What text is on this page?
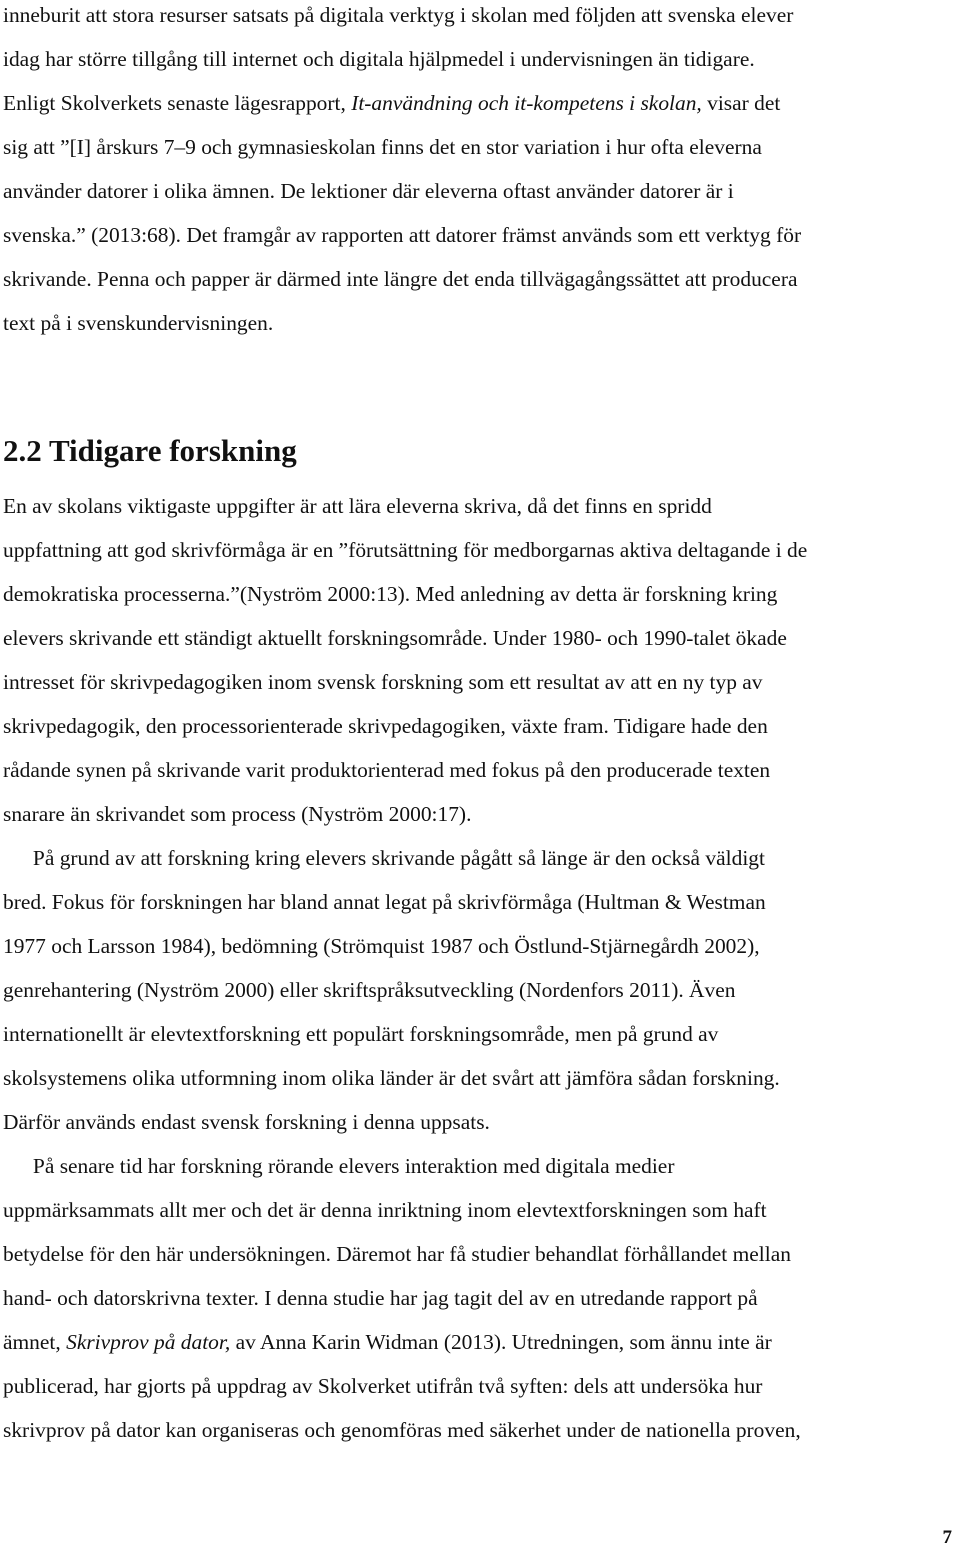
inneburit att stora resurser satsats på digitala verktyg i skolan med följden att svenska elever
idag har större tillgång till internet och digitala hjälpmedel i undervisningen än tidigare.
Enligt Skolverkets senaste lägesrapport, It-användning och it-kompetens i skolan, visar det
sig att ”[I] årskurs 7–9 och gymnasieskolan finns det en stor variation i hur ofta eleverna
använder datorer i olika ämnen. De lektioner där eleverna oftast använder datorer är i
svenska.” (2013:68). Det framgår av rapporten att datorer främst används som ett verktyg för
skrivande. Penna och papper är därmed inte längre det enda tillvägagångssättet att producera
text på i svenskundervisningen.
2.2 Tidigare forskning
En av skolans viktigaste uppgifter är att lära eleverna skriva, då det finns en spridd
uppfattning att god skrivförmåga är en ”förutsättning för medborgarnas aktiva deltagande i de
demokratiska processerna.”(Nyström 2000:13). Med anledning av detta är forskning kring
elevers skrivande ett ständigt aktuellt forskningsområde. Under 1980- och 1990-talet ökade
intresset för skrivpedagogiken inom svensk forskning som ett resultat av att en ny typ av
skrivpedagogik, den processorienterade skrivpedagogiken, växte fram. Tidigare hade den
rådande synen på skrivande varit produktorienterad med fokus på den producerade texten
snarare än skrivandet som process (Nyström 2000:17).
På grund av att forskning kring elevers skrivande pågått så länge är den också väldigt
bred. Fokus för forskningen har bland annat legat på skrivförmåga (Hultman & Westman
1977 och Larsson 1984), bedömning (Strömquist 1987 och Östlund-Stjärnegårdh 2002),
genrehantering (Nyström 2000) eller skriftspråksutveckling (Nordenfors 2011). Även
internationellt är elevtextforskning ett populärt forskningsområde, men på grund av
skolsystemens olika utformning inom olika länder är det svårt att jämföra sådan forskning.
Därför används endast svensk forskning i denna uppsats.
På senare tid har forskning rörande elevers interaktion med digitala medier
uppmärksammats allt mer och det är denna inriktning inom elevtextforskningen som haft
betydelse för den här undersökningen. Däremot har få studier behandlat förhållandet mellan
hand- och datorskrivna texter. I denna studie har jag tagit del av en utredande rapport på
ämnet, Skrivprov på dator, av Anna Karin Widman (2013). Utredningen, som ännu inte är
publicerad, har gjorts på uppdrag av Skolverket utifrån två syften: dels att undersöka hur
skrivprov på dator kan organiseras och genomföras med säkerhet under de nationella proven,
7
